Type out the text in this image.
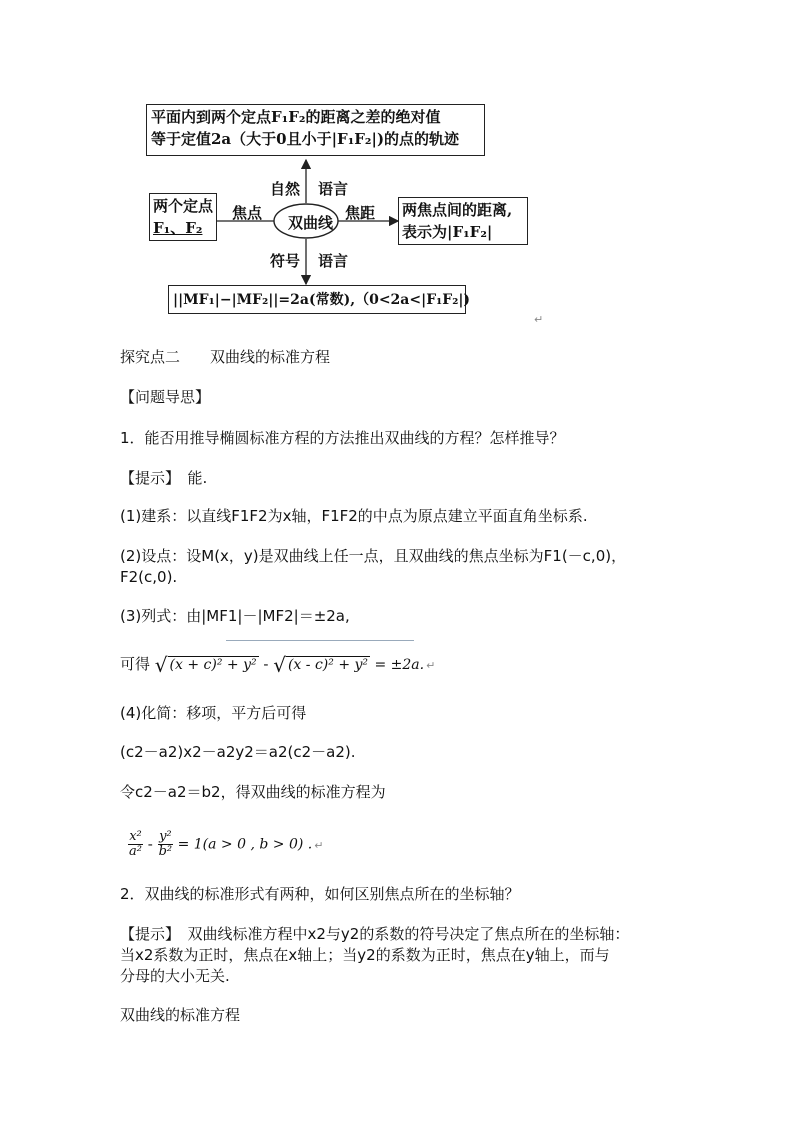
平面内到两个定点F₁F₂的距离之差的绝对值
等于定值2a（大于0且小于|F₁F₂|)的点的轨迹
双曲线
两个定点
F₁、F₂
两焦点间的距离,
表示为|F₁F₂|
||MF₁|−|MF₂||=2a(常数),（0<2a<|F₁F₂|)
自然 语言
焦点	焦距
符号 语言
↵
探究点二　　双曲线的标准方程
【问题导思】
1．能否用推导椭圆标准方程的方法推出双曲线的方程？怎样推导？
【提示】　能.
(1)建系：以直线F1F2为x轴，F1F2的中点为原点建立平面直角坐标系.
(2)设点：设M(x，y)是双曲线上任一点，且双曲线的焦点坐标为F1(－c,0)，
F2(c,0).
(3)列式：由|MF1|－|MF2|＝±2a,
可得 √ (x + c)² + y² - √ (x - c)² + y² = ±2a. ↵
(4)化简：移项，平方后可得
(c2－a2)x2－a2y2＝a2(c2－a2).
令c2－a2＝b2，得双曲线的标准方程为
$\frac{\text{x²}}{\text{a²}} - \frac{\text{y²}}{\text{b²}} = 1(a > 0$ , b > 0) . ↵
2．双曲线的标准形式有两种，如何区别焦点所在的坐标轴？
【提示】　双曲线标准方程中x2与y2的系数的符号决定了焦点所在的坐标轴：
当x2系数为正时，焦点在x轴上；当y2的系数为正时，焦点在y轴上，而与
分母的大小无关.
双曲线的标准方程
